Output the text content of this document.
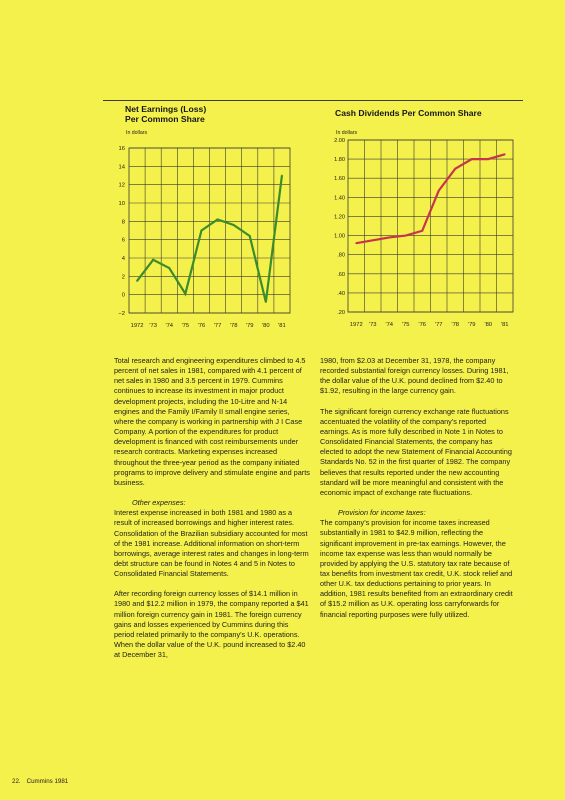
Net Earnings (Loss)
Per Common Share

In dollars

16
14
12
10
8
6
4
2
0
−2
1972 '73 '74 '75 '76 '77 '78 '79 '80 '81

Cash Dividends Per Common Share

In dollars

2.00
1.80
1.60
1.40
1.20
1.00
.80
.60
.40
.20
1972 '73 '74 '75 '76 '77 '78 '79 '80 '81

Total research and engineering expenditures climbed to 4.5 percent of net sales in 1981, compared with 4.1 percent of net sales in 1980 and 3.5 percent in 1979. Cummins continues to increase its investment in major product development projects, including the 10-Litre and N-14 engines and the Family I/Family II small engine series, where the company is working in partnership with J I Case Company. A portion of the expenditures for product development is financed with cost reimbursements under research contracts. Marketing expenses increased throughout the three-year period as the company initiated programs to improve delivery and stimulate engine and parts business.

Other expenses:

Interest expense increased in both 1981 and 1980 as a result of increased borrowings and higher interest rates. Consolidation of the Brazilian subsidiary accounted for most of the 1981 increase. Additional information on short-term borrowings, average interest rates and changes in long-term debt structure can be found in Notes 4 and 5 in Notes to Consolidated Financial Statements.

After recording foreign currency losses of $14.1 million in 1980 and $12.2 million in 1979, the company reported a $41 million foreign currency gain in 1981. The foreign currency gains and losses experienced by Cummins during this period related primarily to the company's U.K. operations. When the dollar value of the U.K. pound increased to $2.40 at December 31,

1980, from $2.03 at December 31, 1978, the company recorded substantial foreign currency losses. During 1981, the dollar value of the U.K. pound declined from $2.40 to $1.92, resulting in the large currency gain.

The significant foreign currency exchange rate fluctuations accentuated the volatility of the company's reported earnings. As is more fully described in Note 1 in Notes to Consolidated Financial Statements, the company has elected to adopt the new Statement of Financial Accounting Standards No. 52 in the first quarter of 1982. The company believes that results reported under the new accounting standard will be more meaningful and consistent with the economic impact of exchange rate fluctuations.

Provision for income taxes:

The company's provision for income taxes increased substantially in 1981 to $42.9 million, reflecting the significant improvement in pre-tax earnings. However, the income tax expense was less than would normally be provided by applying the U.S. statutory tax rate because of tax benefits from investment tax credit, U.K. stock relief and other U.K. tax deductions pertaining to prior years. In addition, 1981 results benefited from an extraordinary credit of $15.2 million as U.K. operating loss carryforwards for financial reporting purposes were fully utilized.

22. Cummins 1981
